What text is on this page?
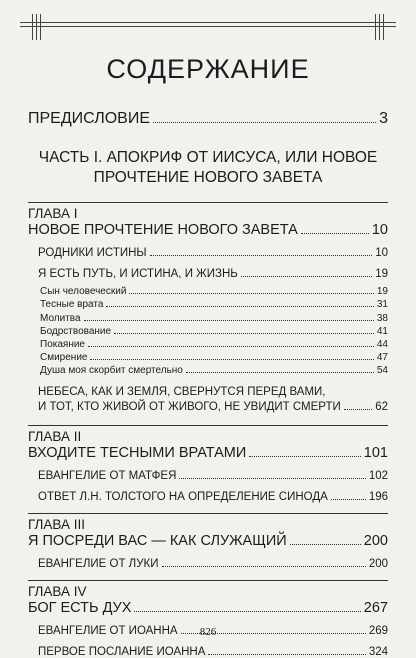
СОДЕРЖАНИЕ
ПРЕДИСЛОВИЕ	3
ЧАСТЬ I. АПОКРИФ ОТ ИИСУСА, ИЛИ НОВОЕ
ПРОЧТЕНИЕ НОВОГО ЗАВЕТА
ГЛАВА I
НОВОЕ ПРОЧТЕНИЕ НОВОГО ЗАВЕТА	10
РОДНИКИ ИСТИНЫ	10
Я ЕСТЬ ПУТЬ, И ИСТИНА, И ЖИЗНЬ	19
Сын человеческий	19
Тесные врата	31
Молитва	38
Бодрствование	41
Покаяние	44
Смирение	47
Душа моя скорбит смертельно	54
НЕБЕСА, КАК И ЗЕМЛЯ, СВЕРНУТСЯ ПЕРЕД ВАМИ,
И ТОТ, КТО ЖИВОЙ ОТ ЖИВОГО, НЕ УВИДИТ СМЕРТИ	62
ГЛАВА II
ВХОДИТЕ ТЕСНЫМИ ВРАТАМИ	101
ЕВАНГЕЛИЕ ОТ МАТФЕЯ	102
ОТВЕТ Л.Н. ТОЛСТОГО НА ОПРЕДЕЛЕНИЕ СИНОДА	196
ГЛАВА III
Я ПОСРЕДИ ВАС — КАК СЛУЖАЩИЙ	200
ЕВАНГЕЛИЕ ОТ ЛУКИ	200
ГЛАВА IV
БОГ ЕСТЬ ДУХ	267
ЕВАНГЕЛИЕ ОТ ИОАННА	269
ПЕРВОЕ ПОСЛАНИЕ ИОАННА	324
826
